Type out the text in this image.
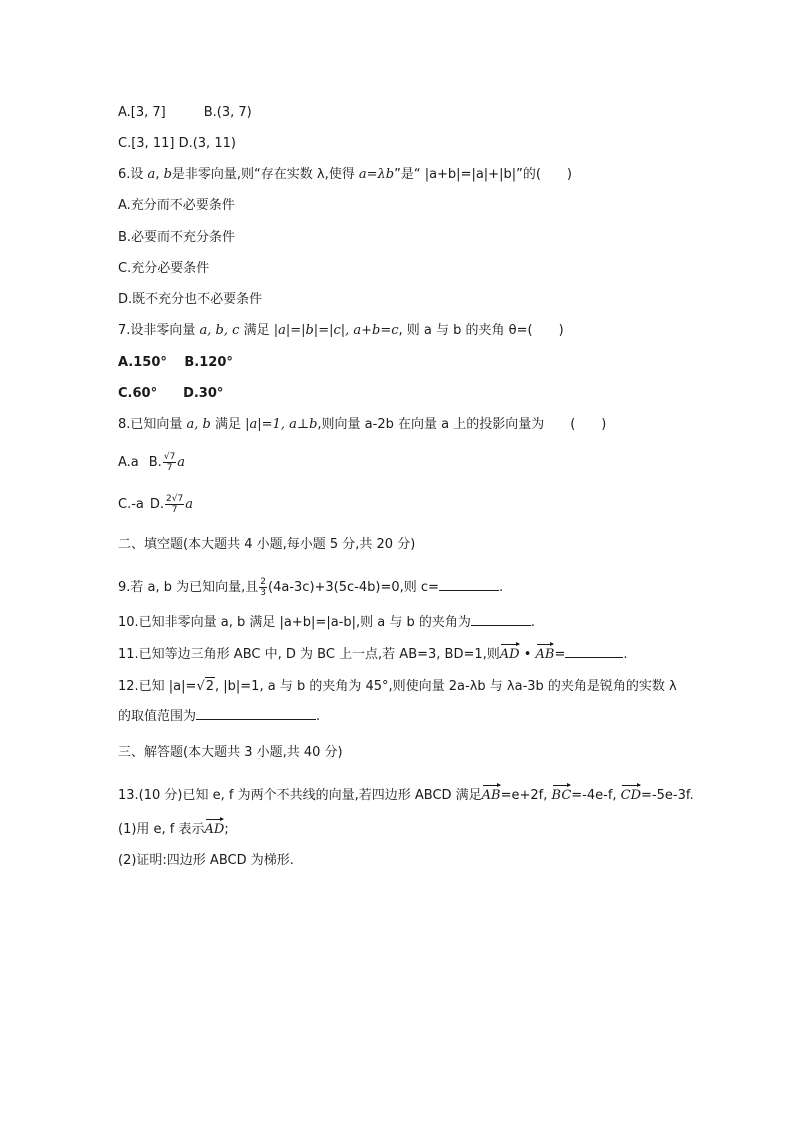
A.[3, 7]	B.(3, 7)
C.[3, 11] D.(3, 11)
6.设 a, b是非零向量,则“存在实数 λ,使得 a=λb”是“ |a+b|=|a|+|b|”的(　　)
A.充分而不必要条件
B.必要而不充分条件
C.充分必要条件
D.既不充分也不必要条件
7.设非零向量 a, b, c 满足 |a|=|b|=|c|, a+b=c, 则 a 与 b 的夹角 θ=(　　)
A.150°　 B.120°
C.60°　　D.30°
8.已知向量 a, b 满足 |a|=1, a⊥b,则向量 a-2b 在向量 a 上的投影向量为　　(　　)
A.a B. $\frac{√7}{7}$ a
C.-a D. $\frac{2√7}{7}$ a
二、填空题(本大题共 4 小题,每小题 5 分,共 20 分)
9.若 a, b 为已知向量,且 $\frac{2}{3} (4a-3c)+3(5c-4b)=0$,则 c=	.
10.已知非零向量 a, b 满足 |a+b|=|a-b|,则 a 与 b 的夹角为	.
11.已知等边三角形 ABC 中, D 为 BC 上一点,若 AB=3, BD=1,则AD • AB=	.
12.已知 |a|=√2, |b|=1, a 与 b 的夹角为 45°,则使向量 2a-λb 与 λa-3b 的夹角是锐角的实数 λ
的取值范围为	.
三、解答题(本大题共 3 小题,共 40 分)
13.(10 分)已知 e, f 为两个不共线的向量,若四边形 ABCD 满足AB=e+2f, BC=-4e-f, CD=-5e-3f.
(1)用 e, f 表示AD;
(2)证明:四边形 ABCD 为梯形.
